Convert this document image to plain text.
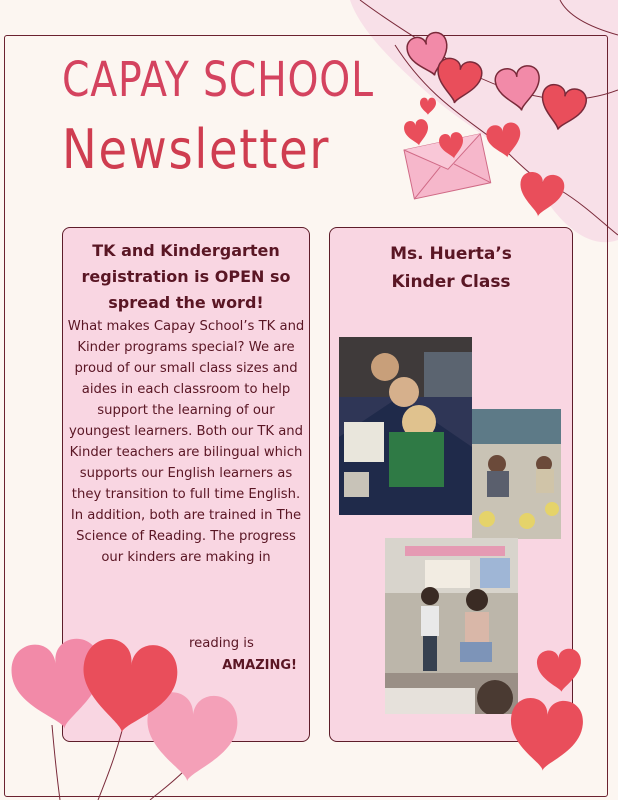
CAPAY SCHOOL
Newsletter
TK and Kindergarten registration is OPEN so spread the word!
What makes Capay School’s TK and Kinder programs special? We are proud of our small class sizes and aides in each classroom to help support the learning of our youngest learners. Both our TK and Kinder teachers are bilingual which supports our English learners as they transition to full time English. In addition, both are trained in The Science of Reading. The progress our kinders are making in
reading is
AMAZING!
Ms. Huerta’s Kinder Class
